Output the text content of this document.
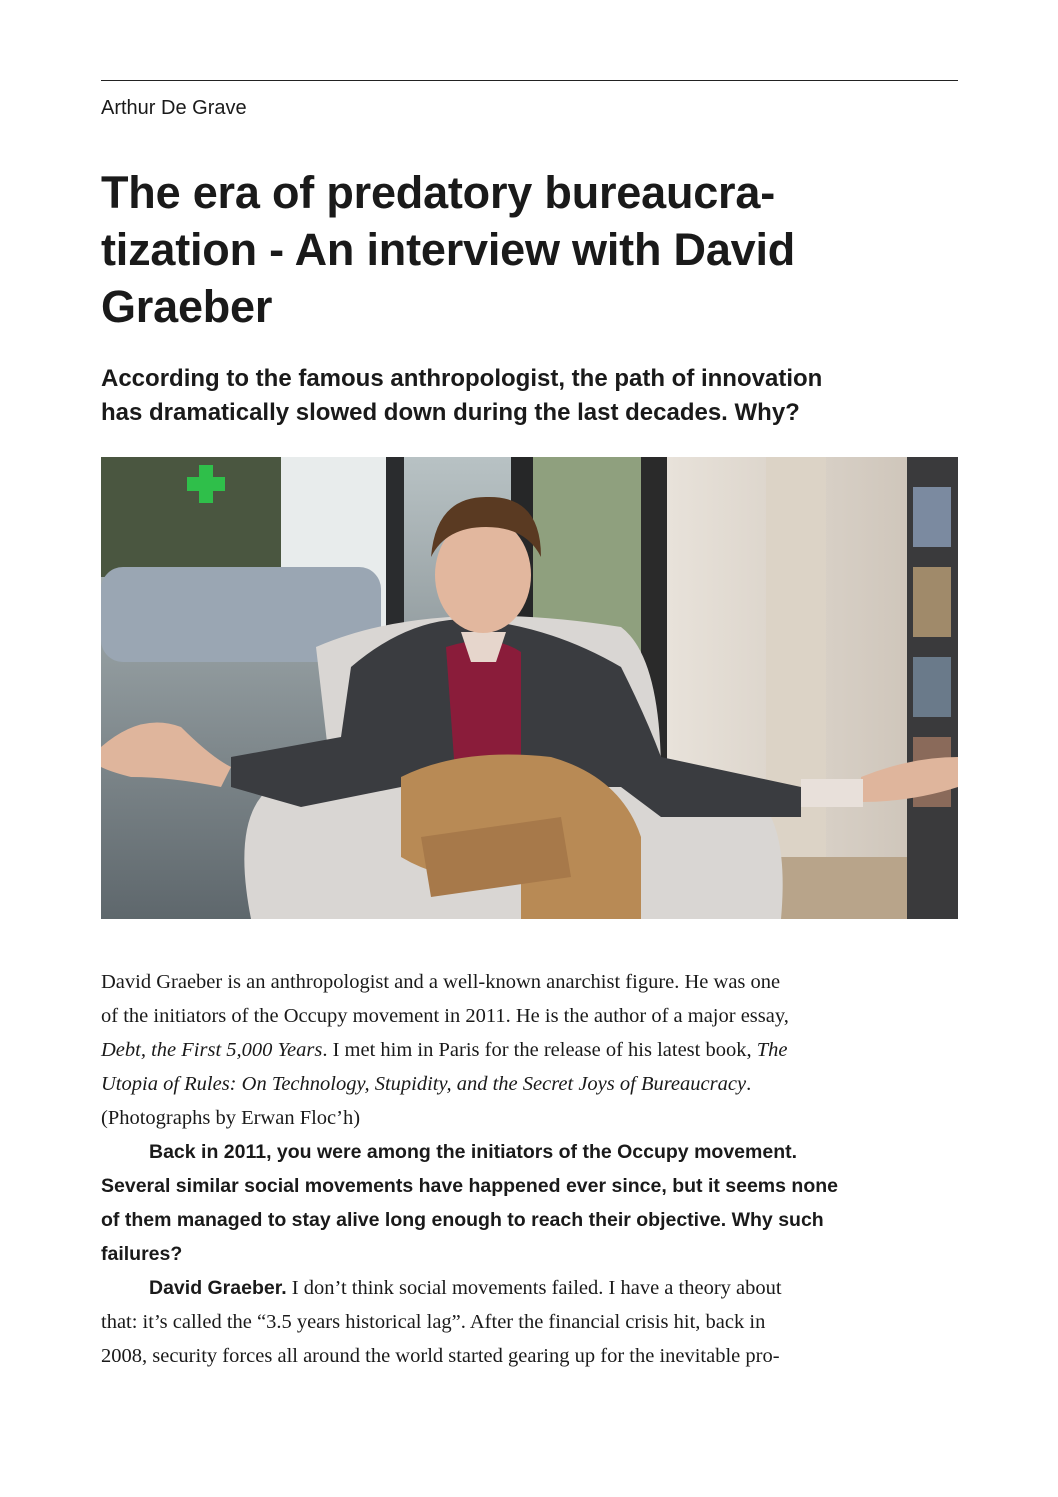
Arthur De Grave
The era of predatory bureaucra-
tization - An interview with David
Graeber
According to the famous anthropologist, the path of innovation
has dramatically slowed down during the last decades. Why?
David Graeber is an anthropologist and a well-known anarchist figure. He was one
of the initiators of the Occupy movement in 2011. He is the author of a major essay,
Debt, the First 5,000 Years. I met him in Paris for the release of his latest book, The
Utopia of Rules: On Technology, Stupidity, and the Secret Joys of Bureaucracy.
(Photographs by Erwan Floc’h)
Back in 2011, you were among the initiators of the Occupy movement.
Several similar social movements have happened ever since, but it seems none
of them managed to stay alive long enough to reach their objective. Why such
failures?
David Graeber. I don’t think social movements failed. I have a theory about
that: it’s called the “3.5 years historical lag”. After the financial crisis hit, back in
2008, security forces all around the world started gearing up for the inevitable pro-
